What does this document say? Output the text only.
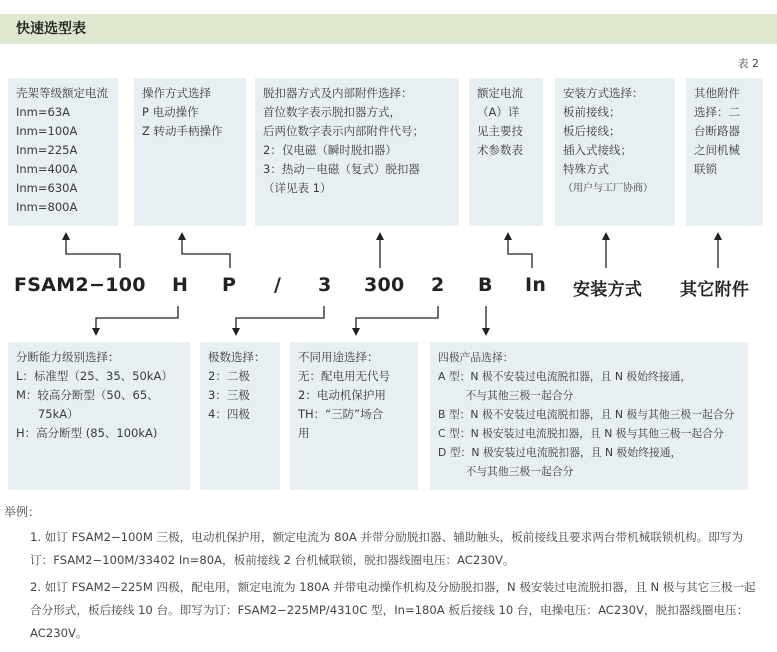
快速选型表
表 2
壳架等级额定电流
Inm=63A
Inm=100A
Inm=225A
Inm=400A
Inm=630A
Inm=800A
操作方式选择
P 电动操作
Z 转动手柄操作
脱扣器方式及内部附件选择：
首位数字表示脱扣器方式，
后两位数字表示内部附件代号；
2：仅电磁（瞬时脱扣器）
3：热动－电磁（复式）脱扣器
（详见表 1）
额定电流
（A）详
见主要技
术参数表
安装方式选择：
板前接线；
板后接线；
插入式接线；
特殊方式
（用户与工厂协商）
其他附件
选择：二
台断路器
之间机械
联锁
FSAM2−100 H P / 3 300 2 B In 安装方式 其它附件
分断能力级别选择：
L：标准型（25、35、50kA）
M：较高分断型（50、65、
75kA）
H：高分断型 (85、100kA)
极数选择：
2：二极
3：三极
4：四极
不同用途选择：
无：配电用无代号
2：电动机保护用
TH：“三防”场合
用
四极产品选择：
A 型：N 极不安装过电流脱扣器，且 N 极始终接通，
不与其他三极一起合分
B 型：N 极不安装过电流脱扣器，且 N 极与其他三极一起合分
C 型：N 极安装过电流脱扣器，且 N 极与其他三极一起合分
D 型：N 极安装过电流脱扣器，且 N 极始终接通，
不与其他三极一起合分
举例：
1. 如订 FSAM2−100M 三极，电动机保护用，额定电流为 80A 并带分励脱扣器、辅助触头，板前接线且要求两台带机械联锁机构。即写为订：FSAM2−100M/33402 In=80A，板前接线 2 台机械联锁，脱扣器线圈电压：AC230V。
2. 如订 FSAM2−225M 四极，配电用，额定电流为 180A 并带电动操作机构及分励脱扣器，N 极安装过电流脱扣器，且 N 极与其它三极一起合分形式，板后接线 10 台。即写为订：FSAM2−225MP/4310C 型，In=180A 板后接线 10 台，电操电压：AC230V，脱扣器线圈电压：AC230V。
